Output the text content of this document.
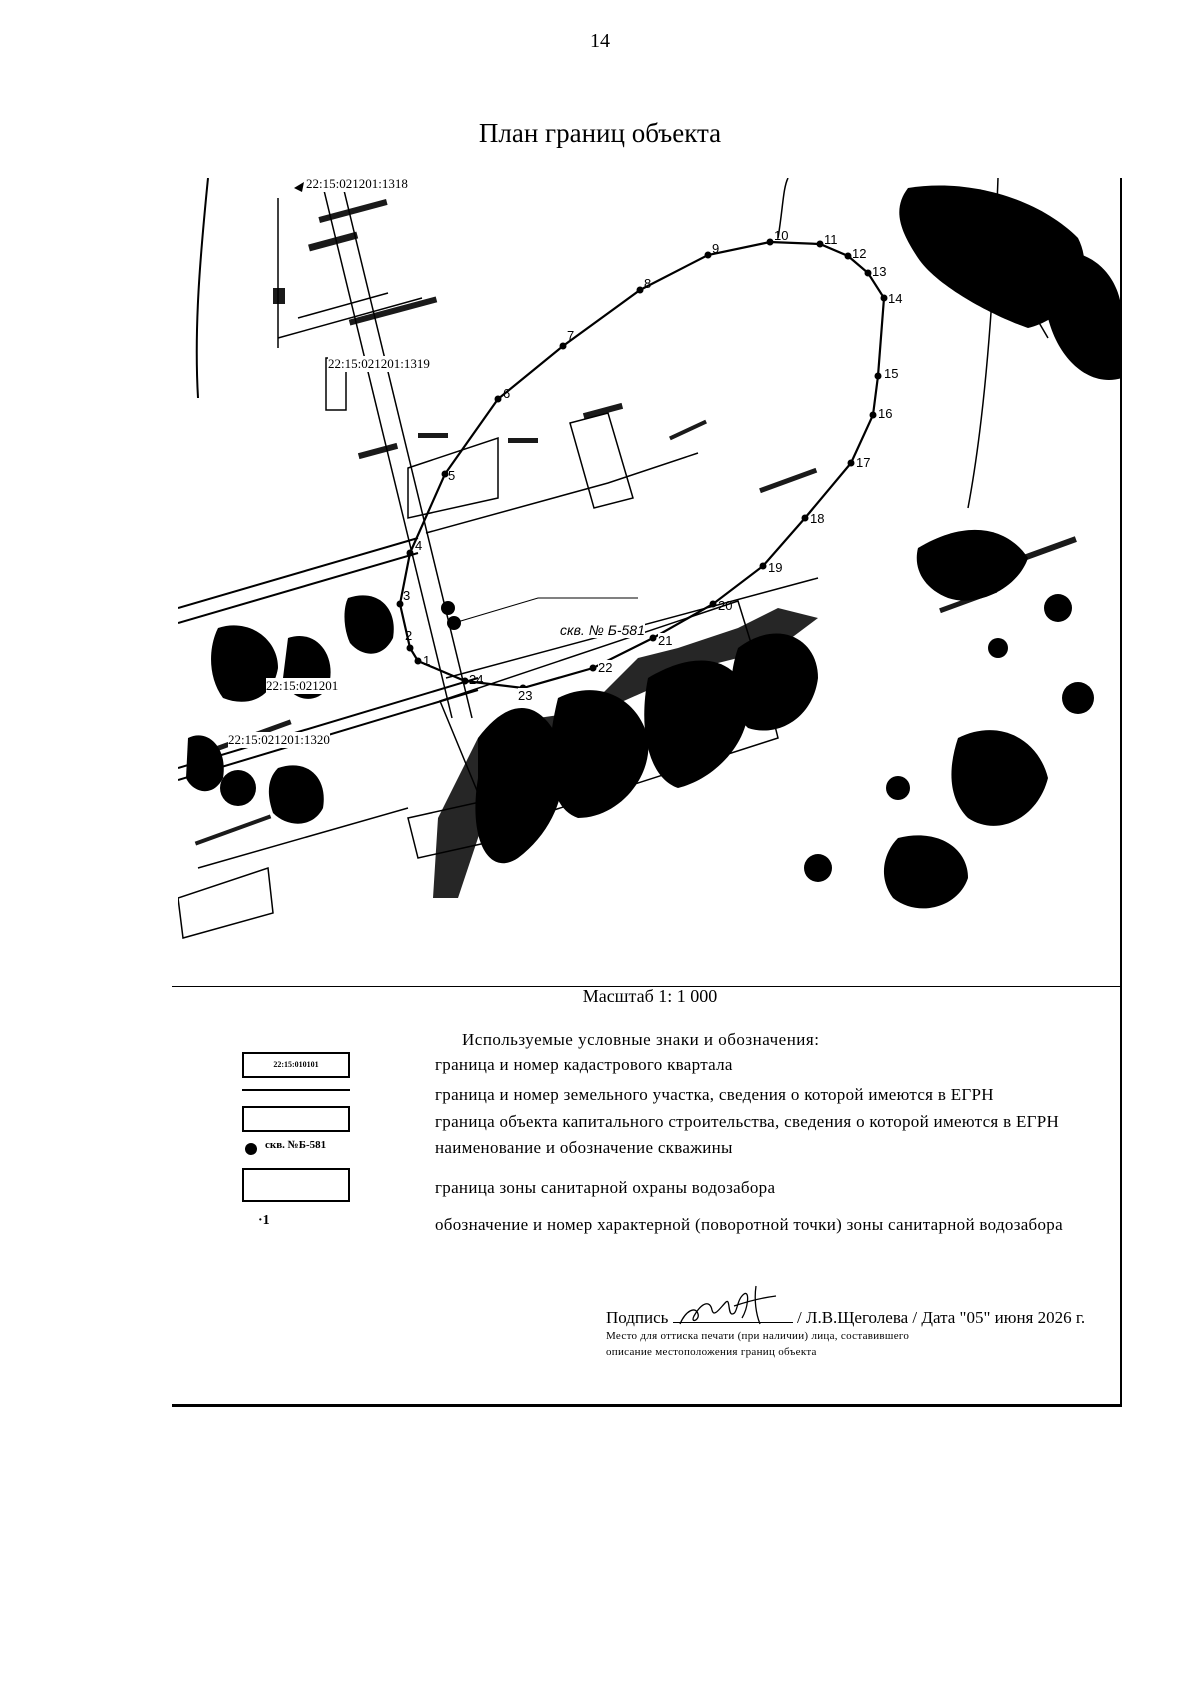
14
План границ объекта
22:15:021201:1318
22:15:021201:1319
22:15:021201
22:15:021201:1320
скв. № Б-581
1
2
3
4
5
6
7
8
9
10	11
12
13
14
15
16
17
18
19
20
21
22
23
24
Масштаб 1: 1 000
Используемые условные знаки и обозначения:
22:15:010101	граница и номер кадастрового квартала
граница и номер земельного участка, сведения о которой имеются в ЕГРН
граница объекта капитального строительства, сведения о которой имеются в ЕГРН
скв. №Б-581	наименование и обозначение скважины
граница зоны санитарной охраны водозабора
·1	обозначение и номер характерной (поворотной точки) зоны санитарной водозабора
Подпись	/ Л.В.Щеголева / Дата "05" июня 2026 г.
Место для оттиска печати (при наличии) лица, составившего
описание местоположения границ объекта
